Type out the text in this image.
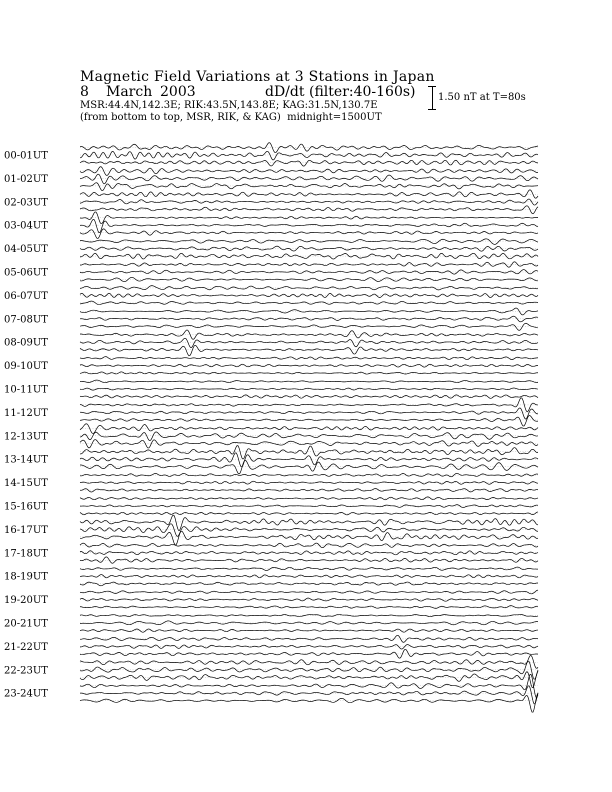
Magnetic Field Variations at 3 Stations in Japan
8 March 2003	dD/dt (filter:40-160s)
MSR:44.4N,142.3E; RIK:43.5N,143.8E; KAG:31.5N,130.7E
(from bottom to top, MSR, RIK, & KAG) midnight=1500UT
1.50 nT at T=80s
00-01UT
01-02UT
02-03UT
03-04UT
04-05UT
05-06UT
06-07UT
07-08UT
08-09UT
09-10UT
10-11UT
11-12UT
12-13UT
13-14UT
14-15UT
15-16UT
16-17UT
17-18UT
18-19UT
19-20UT
20-21UT
21-22UT
22-23UT
23-24UT
